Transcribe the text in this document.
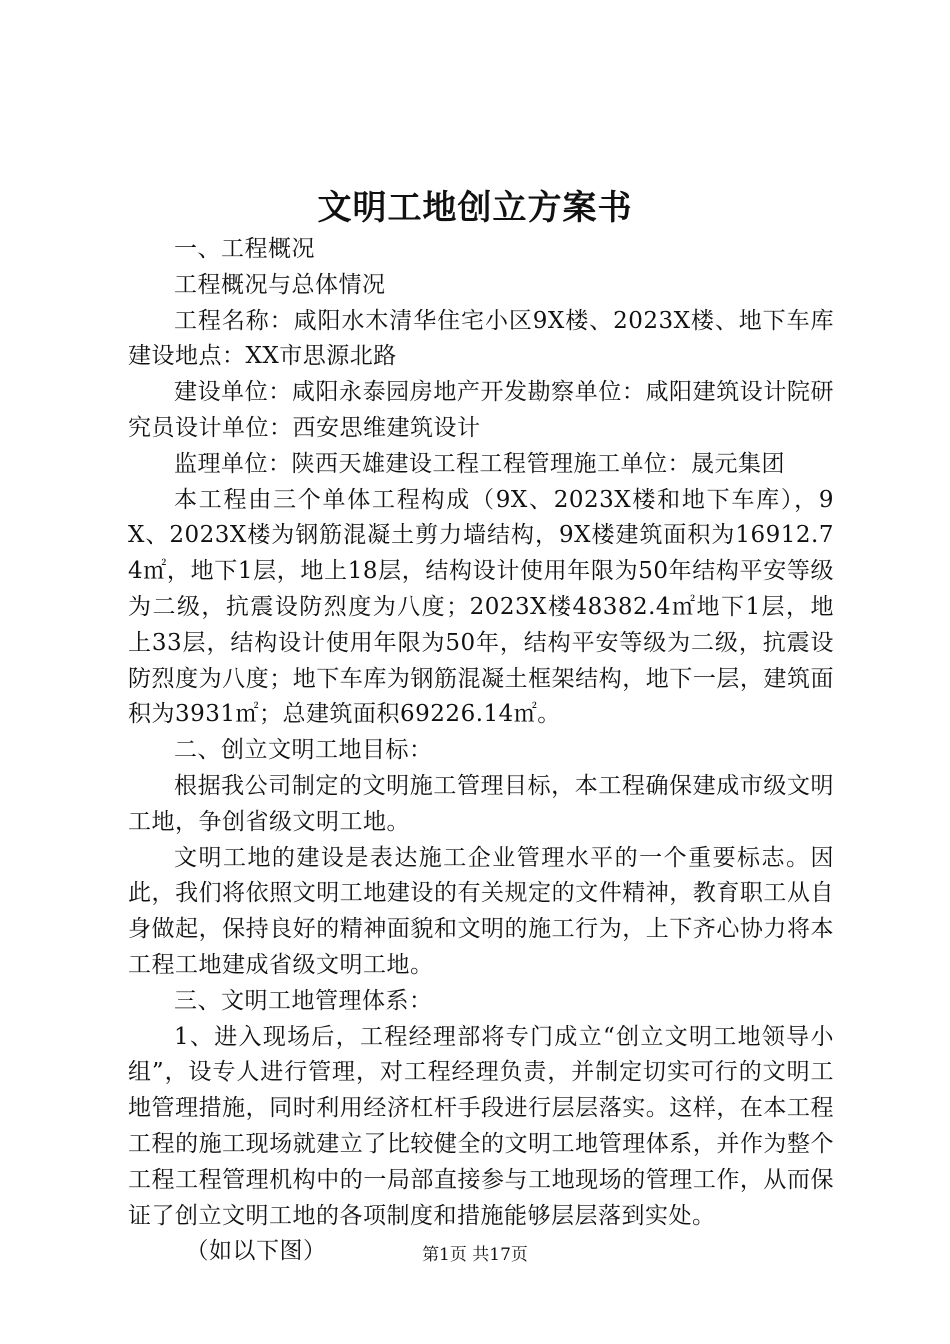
文明工地创立方案书

一、工程概况

工程概况与总体情况

工程名称：咸阳水木清华住宅小区9X楼、2023X楼、地下车库建设地点：XX市思源北路

建设单位：咸阳永泰园房地产开发勘察单位：咸阳建筑设计院研究员设计单位：西安思维建筑设计

监理单位：陕西天雄建设工程工程管理施工单位：晟元集团

本工程由三个单体工程构成（9X、2023X楼和地下车库），9X、2023X楼为钢筋混凝土剪力墙结构，9X楼建筑面积为16912.74㎡，地下1层，地上18层，结构设计使用年限为50年结构平安等级为二级，抗震设防烈度为八度；2023X楼48382.4㎡地下1层，地上33层，结构设计使用年限为50年，结构平安等级为二级，抗震设防烈度为八度；地下车库为钢筋混凝土框架结构，地下一层，建筑面积为3931㎡；总建筑面积69226.14㎡。

二、创立文明工地目标：

根据我公司制定的文明施工管理目标，本工程确保建成市级文明工地，争创省级文明工地。

文明工地的建设是表达施工企业管理水平的一个重要标志。因此，我们将依照文明工地建设的有关规定的文件精神，教育职工从自身做起，保持良好的精神面貌和文明的施工行为，上下齐心协力将本工程工地建成省级文明工地。

三、文明工地管理体系：

1、进入现场后，工程经理部将专门成立“创立文明工地领导小组”，设专人进行管理，对工程经理负责，并制定切实可行的文明工地管理措施，同时利用经济杠杆手段进行层层落实。这样，在本工程工程的施工现场就建立了比较健全的文明工地管理体系，并作为整个工程工程管理机构中的一局部直接参与工地现场的管理工作，从而保证了创立文明工地的各项制度和措施能够层层落到实处。

（如以下图）	第1页 共17页
